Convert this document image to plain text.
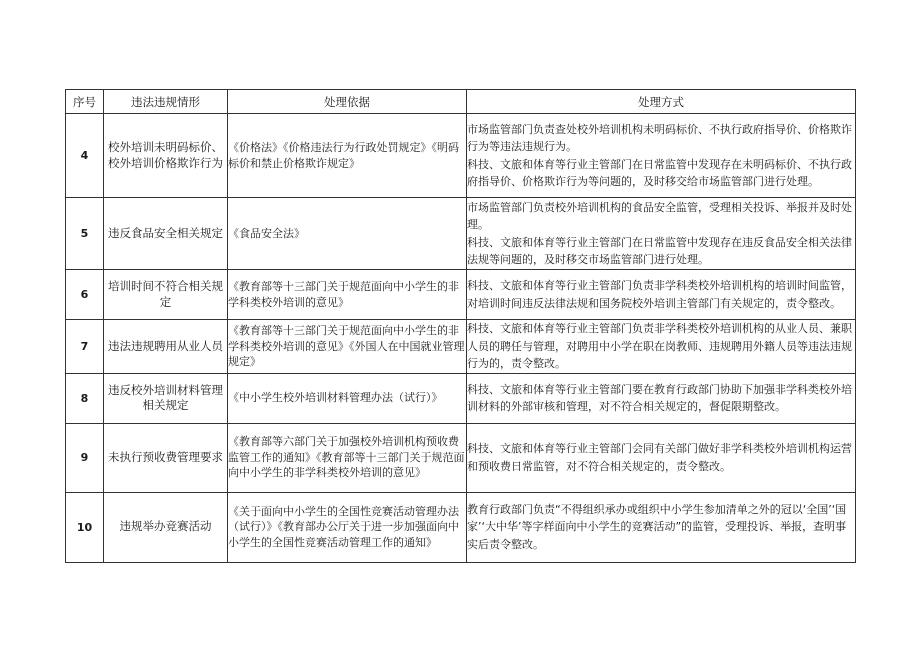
序号	违法违规情形	处理依据	处理方式
4	校外培训未明码标价、校外培训价格欺诈行为	《价格法》《价格违法行为行政处罚规定》《明码标价和禁止价格欺诈规定》	市场监管部门负责查处校外培训机构未明码标价、不执行政府指导价、价格欺诈行为等违法违规行为。

科技、文旅和体育等行业主管部门在日常监管中发现存在未明码标价、不执行政府指导价、价格欺诈行为等问题的，及时移交给市场监管部门进行处理。

5	违反食品安全相关规定	《食品安全法》	市场监管部门负责校外培训机构的食品安全监管，受理相关投诉、举报并及时处理。

科技、文旅和体育等行业主管部门在日常监管中发现存在违反食品安全相关法律法规等问题的，及时移交市场监管部门进行处理。

6	培训时间不符合相关规定	《教育部等十三部门关于规范面向中小学生的非学科类校外培训的意见》	科技、文旅和体育等行业主管部门负责非学科类校外培训机构的培训时间监管，对培训时间违反法律法规和国务院校外培训主管部门有关规定的，责令整改。

7	违法违规聘用从业人员	《教育部等十三部门关于规范面向中小学生的非学科类校外培训的意见》《外国人在中国就业管理规定》	科技、文旅和体育等行业主管部门负责非学科类校外培训机构的从业人员、兼职人员的聘任与管理，对聘用中小学在职在岗教师、违规聘用外籍人员等违法违规行为的，责令整改。

8	违反校外培训材料管理相关规定	《中小学生校外培训材料管理办法（试行）》	科技、文旅和体育等行业主管部门要在教育行政部门协助下加强非学科类校外培训材料的外部审核和管理，对不符合相关规定的，督促限期整改。

9	未执行预收费管理要求	《教育部等六部门关于加强校外培训机构预收费监管工作的通知》《教育部等十三部门关于规范面向中小学生的非学科类校外培训的意见》	科技、文旅和体育等行业主管部门会同有关部门做好非学科类校外培训机构运营和预收费日常监管，对不符合相关规定的，责令整改。

10	违规举办竞赛活动	《关于面向中小学生的全国性竞赛活动管理办法（试行）》《教育部办公厅关于进一步加强面向中小学生的全国性竞赛活动管理工作的通知》	教育行政部门负责“不得组织承办或组织中小学生参加清单之外的冠以‘全国’‘国家’‘大中华’等字样面向中小学生的竞赛活动”的监管，受理投诉、举报，查明事实后责令整改。
